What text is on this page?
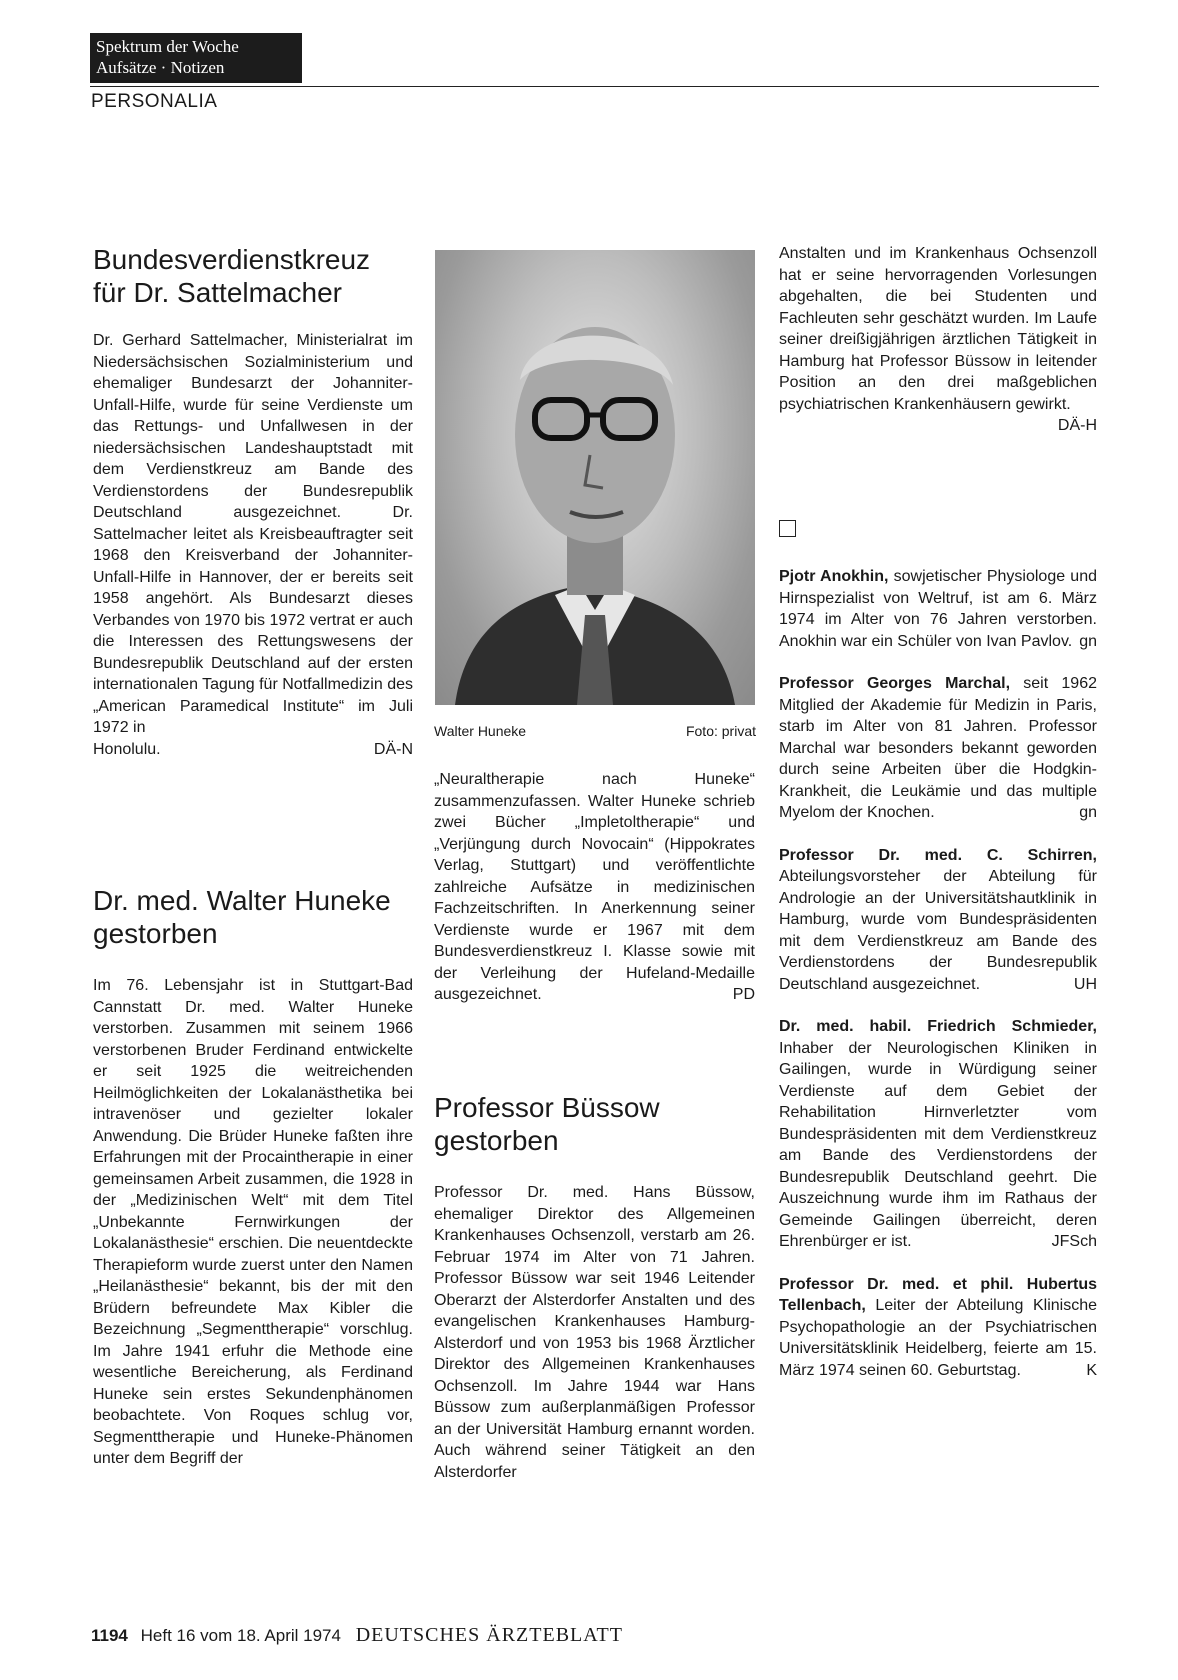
Spektrum der Woche
Aufsätze · Notizen
PERSONALIA
Bundesverdienstkreuz
für Dr. Sattelmacher

Dr. Gerhard Sattelmacher, Ministerialrat im Niedersächsischen Sozialministerium und ehemaliger Bundesarzt der Johanniter-Unfall-Hilfe, wurde für seine Verdienste um das Rettungs- und Unfallwesen in der niedersächsischen Landeshauptstadt mit dem Verdienstkreuz am Bande des Verdienstordens der Bundesrepublik Deutschland ausgezeichnet. Dr. Sattelmacher leitet als Kreisbeauftragter seit 1968 den Kreisverband der Johanniter-Unfall-Hilfe in Hannover, der er bereits seit 1958 angehört. Als Bundesarzt dieses Verbandes von 1970 bis 1972 vertrat er auch die Interessen des Rettungswesens der Bundesrepublik Deutschland auf der ersten internationalen Tagung für Notfallmedizin des „American Paramedical Institute“ im Juli 1972 in

Honolulu.	DÄ-N

Dr. med. Walter Huneke
gestorben

Im 76. Lebensjahr ist in Stuttgart-Bad Cannstatt Dr. med. Walter Huneke verstorben. Zusammen mit seinem 1966 verstorbenen Bruder Ferdinand entwickelte er seit 1925 die weitreichenden Heilmöglichkeiten der Lokalanästhetika bei intravenöser und gezielter lokaler Anwendung. Die Brüder Huneke faßten ihre Erfahrungen mit der Procaintherapie in einer gemeinsamen Arbeit zusammen, die 1928 in der „Medizinischen Welt“ mit dem Titel „Unbekannte Fernwirkungen der Lokalanästhesie“ erschien. Die neuentdeckte Therapieform wurde zuerst unter den Namen „Heilanästhesie“ bekannt, bis der mit den Brüdern befreundete Max Kibler die Bezeichnung „Segmenttherapie“ vorschlug. Im Jahre 1941 erfuhr die Methode eine wesentliche Bereicherung, als Ferdinand Huneke sein erstes Sekundenphänomen beobachtete. Von Roques schlug vor, Segmenttherapie und Huneke-Phänomen unter dem Begriff der

Walter Huneke	Foto: privat

„Neuraltherapie nach Huneke“ zusammenzufassen. Walter Huneke schrieb zwei Bücher „Impletoltherapie“ und „Verjüngung durch Novocain“ (Hippokrates Verlag, Stuttgart) und veröffentlichte zahlreiche Aufsätze in medizinischen Fachzeitschriften. In Anerkennung seiner Verdienste wurde er 1967 mit dem Bundesverdienstkreuz I. Klasse sowie mit der Verleihung der Hufeland-Medaille ausgezeichnet.	PD

Professor Büssow
gestorben

Professor Dr. med. Hans Büssow, ehemaliger Direktor des Allgemeinen Krankenhauses Ochsenzoll, verstarb am 26. Februar 1974 im Alter von 71 Jahren. Professor Büssow war seit 1946 Leitender Oberarzt der Alsterdorfer Anstalten und des evangelischen Krankenhauses Hamburg-Alsterdorf und von 1953 bis 1968 Ärztlicher Direktor des Allgemeinen Krankenhauses Ochsenzoll. Im Jahre 1944 war Hans Büssow zum außerplanmäßigen Professor an der Universität Hamburg ernannt worden. Auch während seiner Tätigkeit an den Alsterdorfer

Anstalten und im Krankenhaus Ochsenzoll hat er seine hervorragenden Vorlesungen abgehalten, die bei Studenten und Fachleuten sehr geschätzt wurden. Im Laufe seiner dreißigjährigen ärztlichen Tätigkeit in Hamburg hat Professor Büssow in leitender Position an den drei maßgeblichen psychiatrischen Krankenhäusern gewirkt.

DÄ-H

Pjotr Anokhin, sowjetischer Physiologe und Hirnspezialist von Weltruf, ist am 6. März 1974 im Alter von 76 Jahren verstorben. Anokhin war ein Schüler von Ivan Pavlov. gn

Professor Georges Marchal, seit 1962 Mitglied der Akademie für Medizin in Paris, starb im Alter von 81 Jahren. Professor Marchal war besonders bekannt geworden durch seine Arbeiten über die Hodgkin-Krankheit, die Leukämie und das multiple Myelom der Knochen.	gn

Professor Dr. med. C. Schirren, Abteilungsvorsteher der Abteilung für Andrologie an der Universitätshautklinik in Hamburg, wurde vom Bundespräsidenten mit dem Verdienstkreuz am Bande des Verdienstordens der Bundesrepublik Deutschland ausgezeichnet.	UH

Dr. med. habil. Friedrich Schmieder, Inhaber der Neurologischen Kliniken in Gailingen, wurde in Würdigung seiner Verdienste auf dem Gebiet der Rehabilitation Hirnverletzter vom Bundespräsidenten mit dem Verdienstkreuz am Bande des Verdienstordens der Bundesrepublik Deutschland geehrt. Die Auszeichnung wurde ihm im Rathaus der Gemeinde Gailingen überreicht, deren Ehrenbürger er ist.	JFSch

Professor Dr. med. et phil. Hubertus Tellenbach, Leiter der Abteilung Klinische Psychopathologie an der Psychiatrischen Universitätsklinik Heidelberg, feierte am 15. März 1974 seinen 60. Geburtstag.	K

1194 Heft 16 vom 18. April 1974 DEUTSCHES ÄRZTEBLATT
